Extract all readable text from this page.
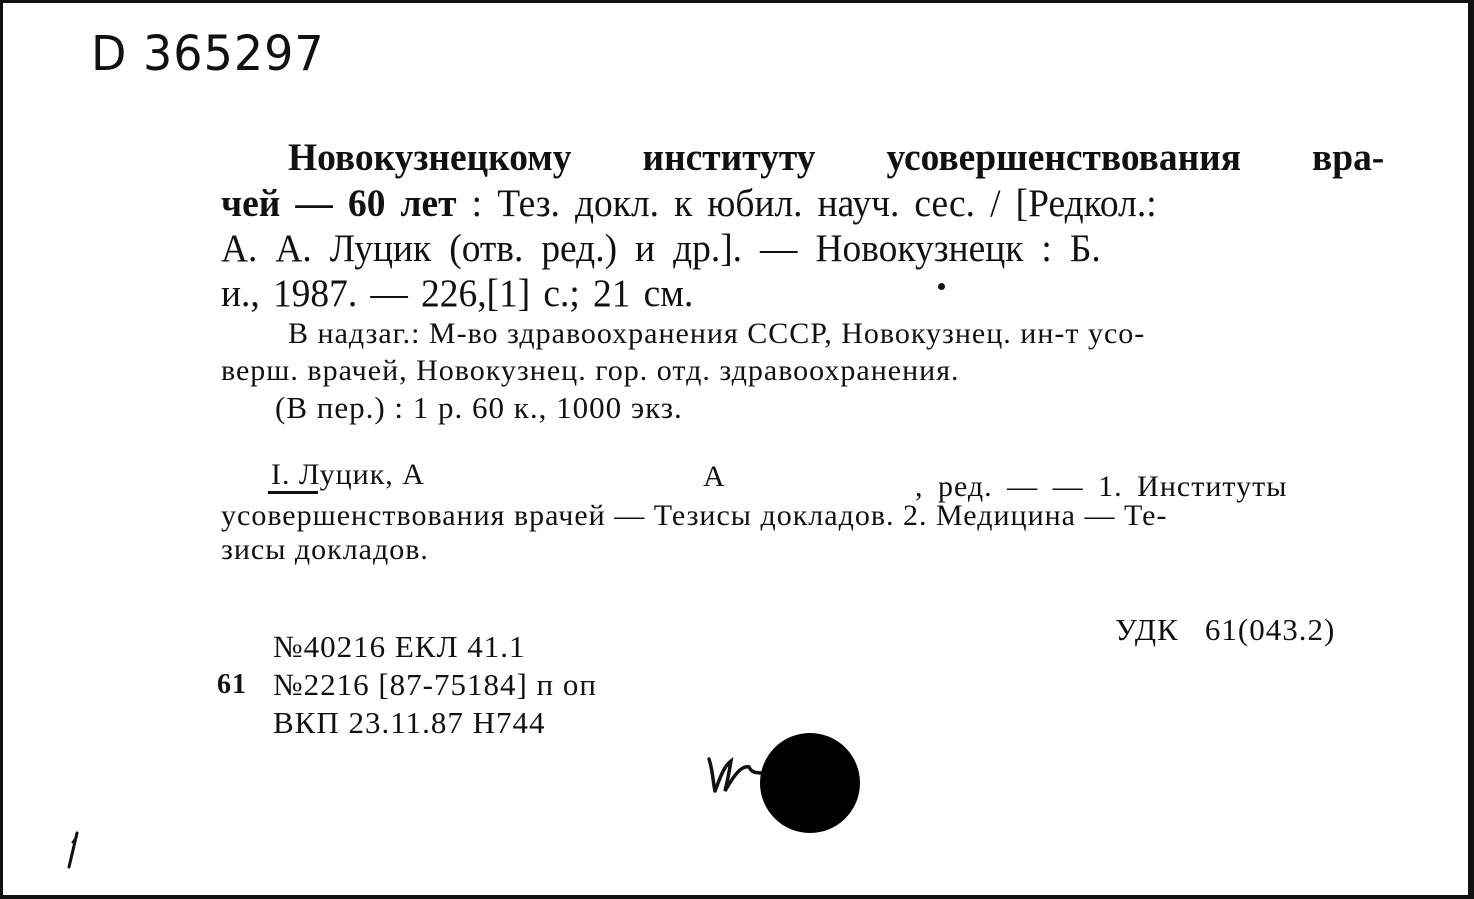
D 365297
Новокузнецкому институту усовершенствования вра-
чей — 60 лет : Тез. докл. к юбил. науч. сес. / [Редкол.:
А. А. Луцик (отв. ред.) и др.]. — Новокузнецк : Б.
и., 1987. — 226,[1] с.; 21 см.
В надзаг.: М-во здравоохранения СССР, Новокузнец. ин-т усо-
верш. врачей, Новокузнец. гор. отд. здравоохранения.
(В пер.) : 1 р. 60 к., 1000 экз.
I. Луцик, А	А	, ред. — — 1. Институты
усовершенствования врачей — Тезисы докладов. 2. Медицина — Те-
зисы докладов.
УДК   61(043.2)
№40216 ЕКЛ 41.1
61 №2216 [87-75184] п оп
ВКП 23.11.87 Н744
